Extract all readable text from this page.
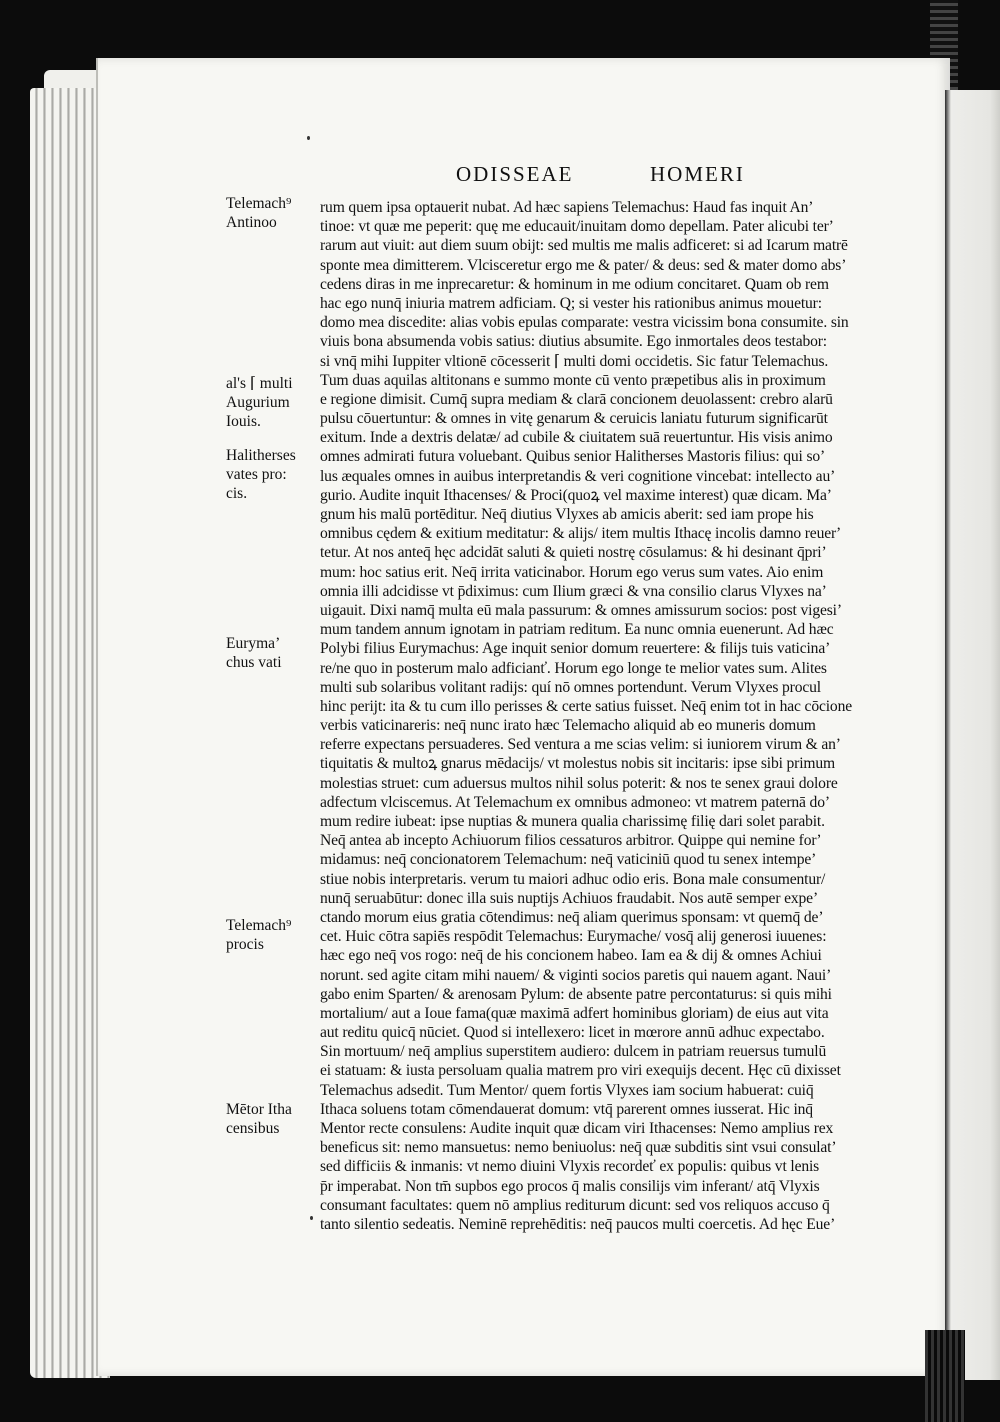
ODISSEAE	HOMERI
Telemach⁹
Antinoo
al's ⌈ multi
Augurium
Iouis.
Halitherses
vates pro:
cis.
Eurymaʼ
chus vati
Telemach⁹
procis
Mētor Itha
censibus
rum quem ipsa optauerit nubat. Ad hæc sapiens Telemachus: Haud fas inquit Anʼ
tinoe: vt quæ me peperit: quę me educauit/inuitam domo depellam. Pater alicubi terʼ
rarum aut viuit: aut diem suum obijt: sed multis me malis adficeret: si ad Icarum matrē
sponte mea dimitterem. Vlcisceretur ergo me & pater/ & deus: sed & mater domo absʼ
cedens diras in me inprecaretur: & hominum in me odium concitaret. Quam ob rem
hac ego nunq̄ iniuria matrem adficiam. Q; si vester his rationibus animus mouetur:
domo mea discedite: alias vobis epulas comparate: vestra vicissim bona consumite. sin
viuis bona absumenda vobis satius: diutius absumite. Ego inmortales deos testabor:
si vnq̄ mihi Iuppiter vltionē cōcesserit ⌈ multi domi occidetis. Sic fatur Telemachus.
Tum duas aquilas altitonans e summo monte cū vento præpetibus alis in proximum
e regione dimisit. Cumq̄ supra mediam & clarā concionem deuolassent: crebro alarū
pulsu cōuertuntur: & omnes in vitę genarum & ceruicis laniatu futurum significarūt
exitum. Inde a dextris delatæ/ ad cubile & ciuitatem suā reuertuntur. His visis animo
omnes admirati futura voluebant. Quibus senior Halitherses Mastoris filius: qui soʼ
lus æquales omnes in auibus interpretandis & veri cognitione vincebat: intellecto auʼ
gurio. Audite inquit Ithacenses/ & Proci(quoꝝ vel maxime interest) quæ dicam. Maʼ
gnum his malū portēditur. Neq̄ diutius Vlyxes ab amicis aberit: sed iam prope his
omnibus cędem & exitium meditatur: & alijs/ item multis Ithacę incolis damno reuerʼ
tetur. At nos anteq̄ hęc adcidāt saluti & quieti nostrę cōsulamus: & hi desinant q̄priʼ
mum: hoc satius erit. Neq̄ irrita vaticinabor. Horum ego verus sum vates. Aio enim
omnia illi adcidisse vt p̄diximus: cum Ilium græci & vna consilio clarus Vlyxes naʼ
uigauit. Dixi namq̄ multa eū mala passurum: & omnes amissurum socios: post vigesiʼ
mum tandem annum ignotam in patriam reditum. Ea nunc omnia euenerunt. Ad hæc
Polybi filius Eurymachus: Age inquit senior domum reuertere: & filijs tuis vaticinaʼ
re/ne quo in posterum malo adficianť. Horum ego longe te melior vates sum. Alites
multi sub solaribus volitant radijs: quí nō omnes portendunt. Verum Vlyxes procul
hinc perijt: ita & tu cum illo perisses & certe satius fuisset. Neq̄ enim tot in hac cōcione
verbis vaticinareris: neq̄ nunc irato hæc Telemacho aliquid ab eo muneris domum
referre expectans persuaderes. Sed ventura a me scias velim: si iuniorem virum & anʼ
tiquitatis & multoꝝ gnarus mēdacijs/ vt molestus nobis sit incitaris: ipse sibi primum
molestias struet: cum aduersus multos nihil solus poterit: & nos te senex graui dolore
adfectum vlciscemus. At Telemachum ex omnibus admoneo: vt matrem paternā doʼ
mum redire iubeat: ipse nuptias & munera qualia charissimę filię dari solet parabit.
Neq̄ antea ab incepto Achiuorum filios cessaturos arbitror. Quippe qui nemine forʼ
midamus: neq̄ concionatorem Telemachum: neq̄ vaticiniū quod tu senex intempeʼ
stiue nobis interpretaris. verum tu maiori adhuc odio eris. Bona male consumentur/
nunq̄ seruabūtur: donec illa suis nuptijs Achiuos fraudabit. Nos autē semper expeʼ
ctando morum eius gratia cōtendimus: neq̄ aliam querimus sponsam: vt quemq̄ deʼ
cet. Huic cōtra sapiēs respōdit Telemachus: Eurymache/ vosq̄ alij generosi iuuenes:
hæc ego neq̄ vos rogo: neq̄ de his concionem habeo. Iam ea & dij & omnes Achiui
norunt. sed agite citam mihi nauem/ & viginti socios paretis qui nauem agant. Nauiʼ
gabo enim Sparten/ & arenosam Pylum: de absente patre percontaturus: si quis mihi
mortalium/ aut a Ioue fama(quæ maximā adfert hominibus gloriam) de eius aut vita
aut reditu quicq̄ nūciet. Quod si intellexero: licet in mœrore annū adhuc expectabo.
Sin mortuum/ neq̄ amplius superstitem audiero: dulcem in patriam reuersus tumulū
ei statuam: & iusta persoluam qualia matrem pro viri exequijs decent. Hęc cū dixisset
Telemachus adsedit. Tum Mentor/ quem fortis Vlyxes iam socium habuerat: cuiq̄
Ithaca soluens totam cōmendauerat domum: vtq̄ parerent omnes iusserat. Hic inq̄
Mentor recte consulens: Audite inquit quæ dicam viri Ithacenses: Nemo amplius rex
beneficus sit: nemo mansuetus: nemo beniuolus: neq̄ quæ subditis sint vsui consulatʼ
sed difficiis & inmanis: vt nemo diuini Vlyxis recordeť ex populis: quibus vt lenis
p̄r imperabat. Non tm̄ supbos ego procos q̄ malis consilijs vim inferant/ atq̄ Vlyxis
consumant facultates: quem nō amplius rediturum dicunt: sed vos reliquos accuso q̄
tanto silentio sedeatis. Neminē reprehēditis: neq̄ paucos multi coercetis. Ad hęc Eueʼ
